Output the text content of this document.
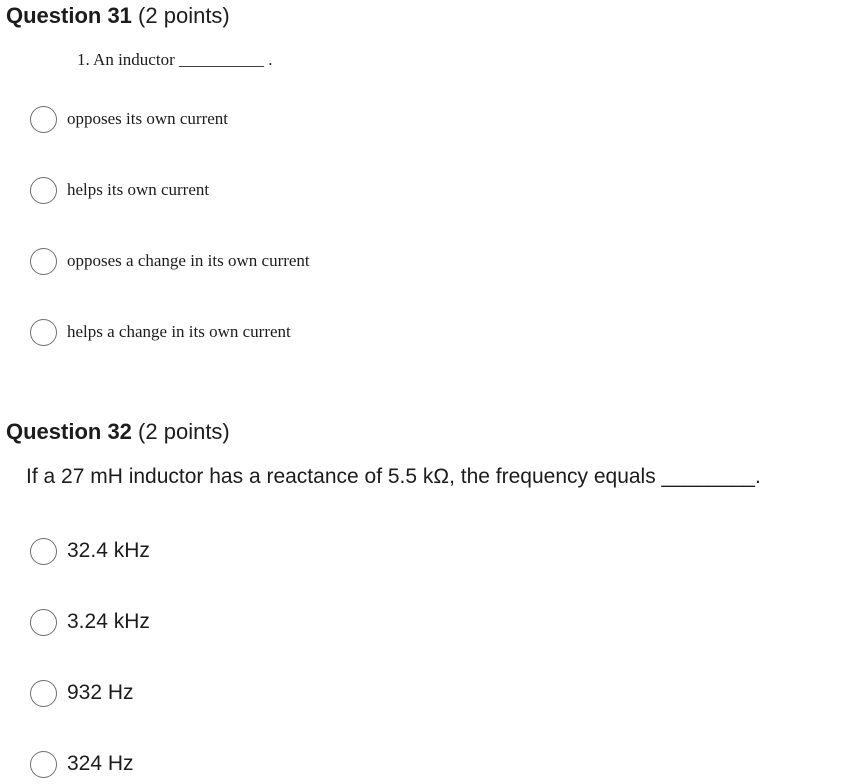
Question 31 (2 points)
1. An inductor __________ .
opposes its own current
helps its own current
opposes a change in its own current
helps a change in its own current
Question 32 (2 points)
If a 27 mH inductor has a reactance of 5.5 kΩ, the frequency equals ________.
32.4 kHz
3.24 kHz
932 Hz
324 Hz
